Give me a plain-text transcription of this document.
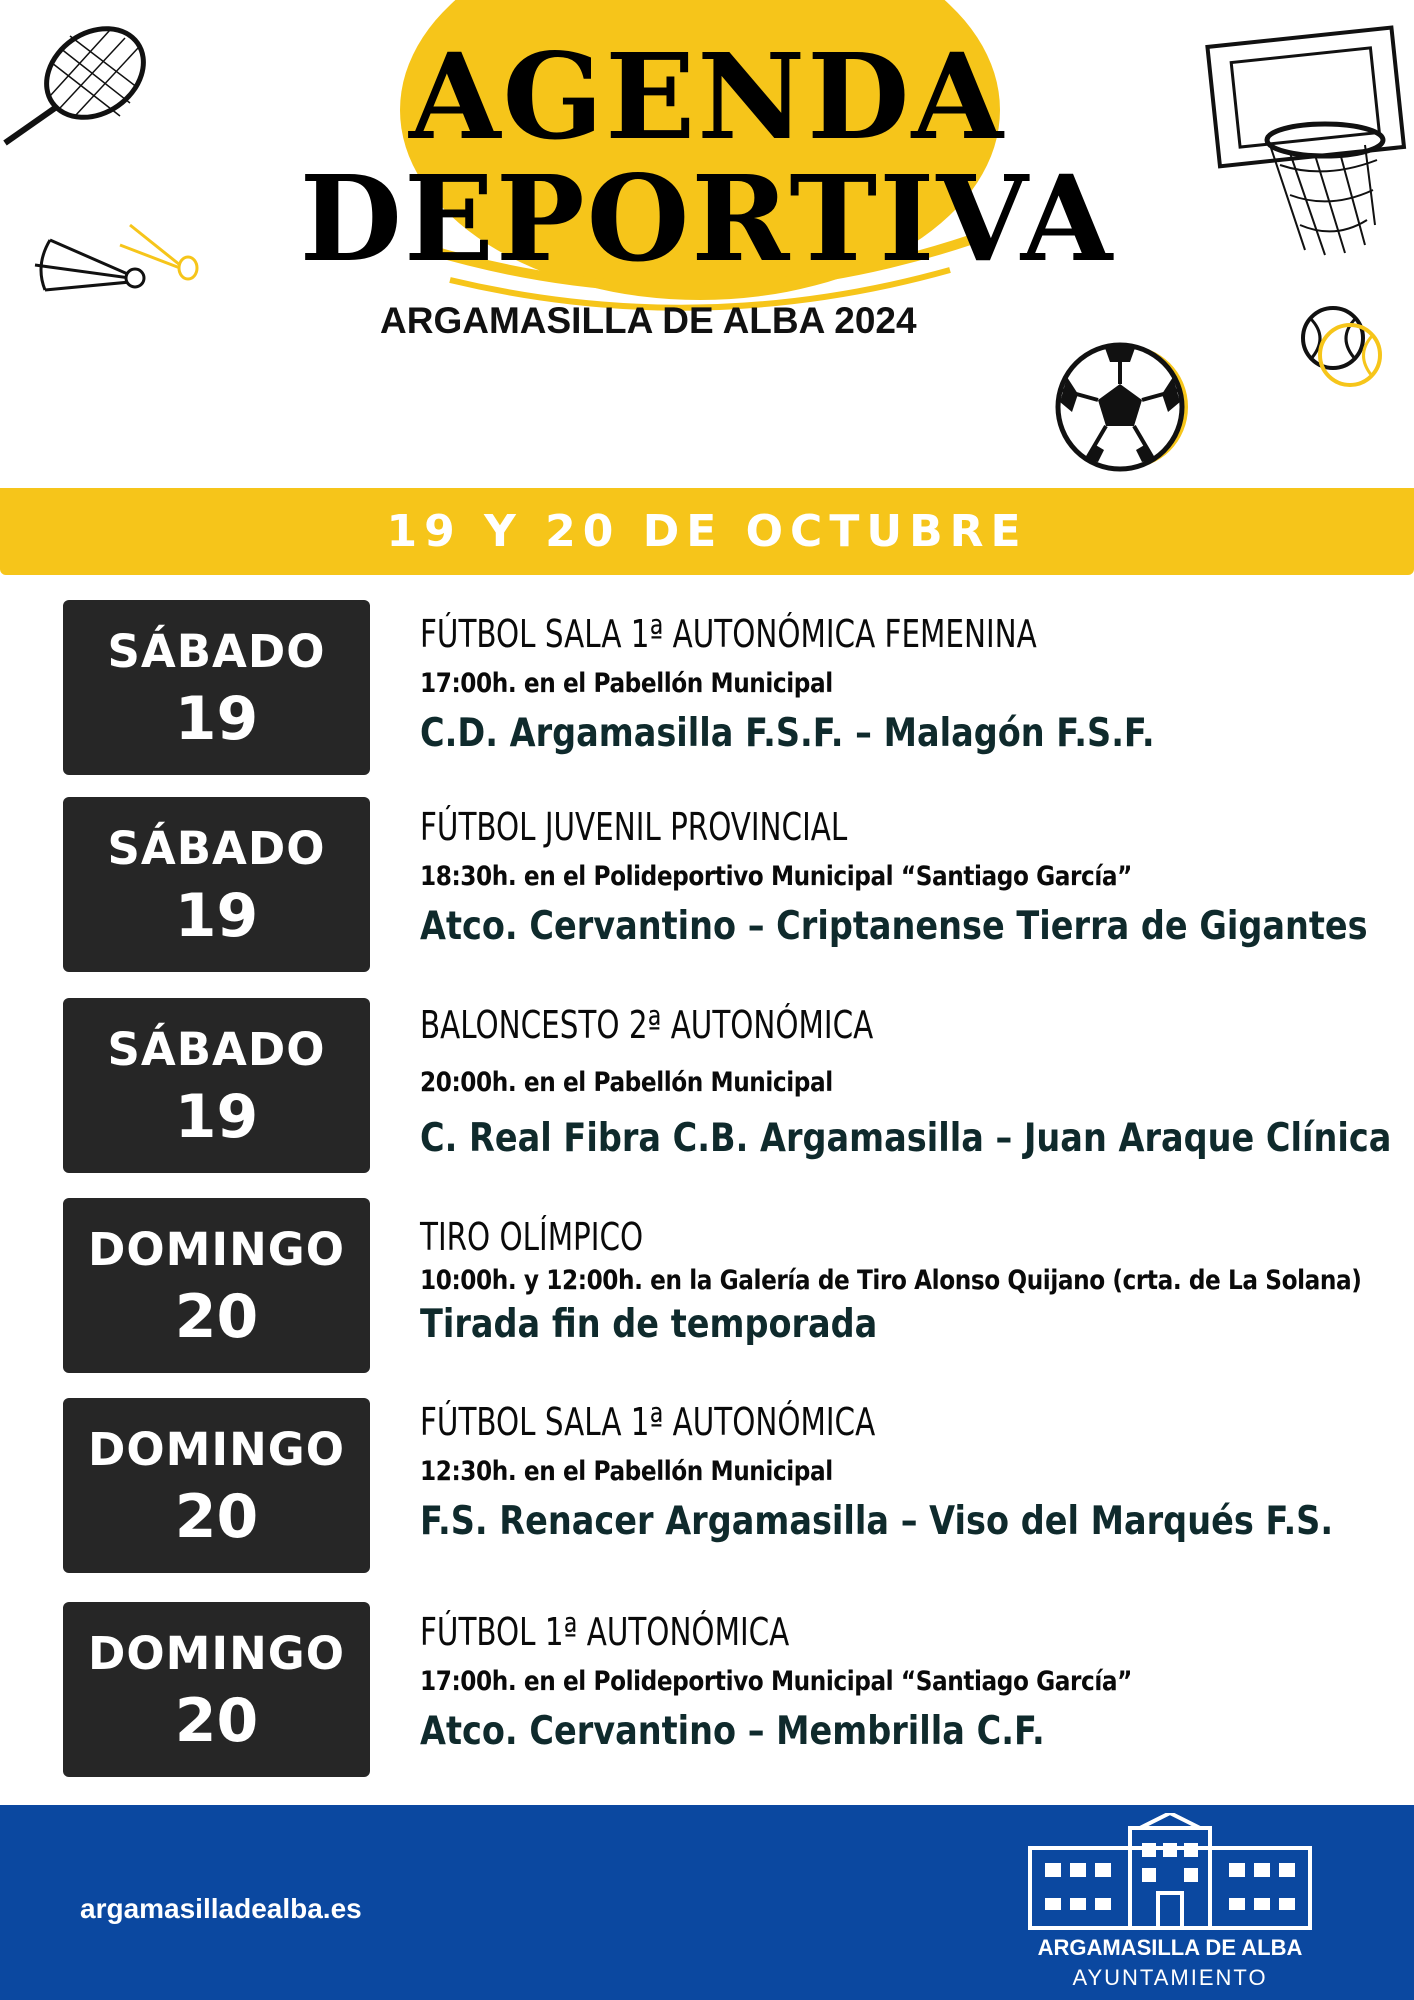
AGENDA
DEPORTIVA
ARGAMASILLA DE ALBA 2024
19 Y 20 DE OCTUBRE
SÁBADO
19
FÚTBOL SALA 1ª AUTONÓMICA FEMENINA
17:00h. en el Pabellón Municipal
C.D. Argamasilla F.S.F. – Malagón F.S.F.
SÁBADO
19
FÚTBOL JUVENIL PROVINCIAL
18:30h. en el Polideportivo Municipal “Santiago García”
Atco. Cervantino – Criptanense Tierra de Gigantes
SÁBADO
19
BALONCESTO 2ª AUTONÓMICA
20:00h. en el Pabellón Municipal
C. Real Fibra C.B. Argamasilla – Juan Araque Clínica
DOMINGO
20
TIRO OLÍMPICO
10:00h. y 12:00h. en la Galería de Tiro Alonso Quijano (crta. de La Solana)
Tirada fin de temporada
DOMINGO
20
FÚTBOL SALA 1ª AUTONÓMICA
12:30h. en el Pabellón Municipal
F.S. Renacer Argamasilla – Viso del Marqués F.S.
DOMINGO
20
FÚTBOL 1ª AUTONÓMICA
17:00h. en el Polideportivo Municipal “Santiago García”
Atco. Cervantino – Membrilla C.F.
argamasilladealba.es
ARGAMASILLA DE ALBA
AYUNTAMIENTO
